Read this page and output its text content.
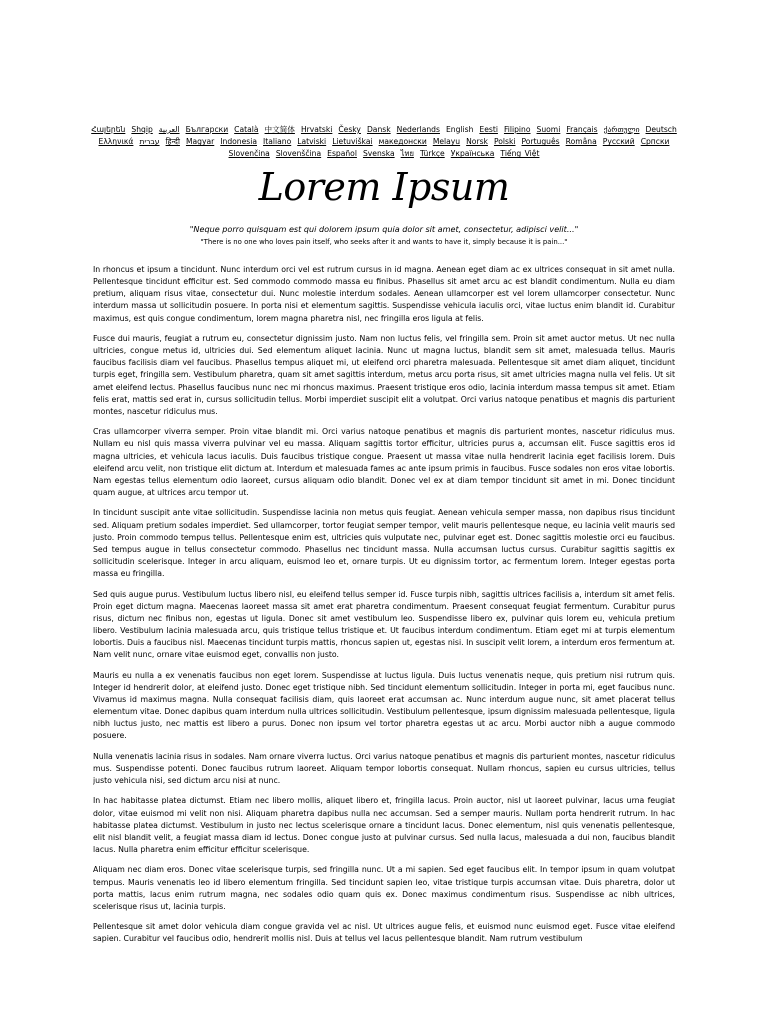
Հայերեն Shqip العربية Български Català 中文简体 Hrvatski Česky Dansk Nederlands English Eesti Filipino Suomi Français ქართული Deutsch Ελληνικά עברית हिन्दी Magyar Indonesia Italiano Latviski Lietuviškai македонски Melayu Norsk Polski Português Româna Pyccкий Српски Slovenčina Slovenščina Español Svenska ไทย Türkçe Українська Tiếng Việt
Lorem Ipsum

"Neque porro quisquam est qui dolorem ipsum quia dolor sit amet, consectetur, adipisci velit..."

"There is no one who loves pain itself, who seeks after it and wants to have it, simply because it is pain..."

In rhoncus et ipsum a tincidunt. Nunc interdum orci vel est rutrum cursus in id magna. Aenean eget diam ac ex ultrices consequat in sit amet nulla. Pellentesque tincidunt efficitur est. Sed commodo commodo massa eu finibus. Phasellus sit amet arcu ac est blandit condimentum. Nulla eu diam pretium, aliquam risus vitae, consectetur dui. Nunc molestie interdum sodales. Aenean ullamcorper est vel lorem ullamcorper consectetur. Nunc interdum massa ut sollicitudin posuere. In porta nisi et elementum sagittis. Suspendisse vehicula iaculis orci, vitae luctus enim blandit id. Curabitur maximus, est quis congue condimentum, lorem magna pharetra nisl, nec fringilla eros ligula at felis.

Fusce dui mauris, feugiat a rutrum eu, consectetur dignissim justo. Nam non luctus felis, vel fringilla sem. Proin sit amet auctor metus. Ut nec nulla ultricies, congue metus id, ultricies dui. Sed elementum aliquet lacinia. Nunc ut magna luctus, blandit sem sit amet, malesuada tellus. Mauris faucibus facilisis diam vel faucibus. Phasellus tempus aliquet mi, ut eleifend orci pharetra malesuada. Pellentesque sit amet diam aliquet, tincidunt turpis eget, fringilla sem. Vestibulum pharetra, quam sit amet sagittis interdum, metus arcu porta risus, sit amet ultricies magna nulla vel felis. Ut sit amet eleifend lectus. Phasellus faucibus nunc nec mi rhoncus maximus. Praesent tristique eros odio, lacinia interdum massa tempus sit amet. Etiam felis erat, mattis sed erat in, cursus sollicitudin tellus. Morbi imperdiet suscipit elit a volutpat. Orci varius natoque penatibus et magnis dis parturient montes, nascetur ridiculus mus.

Cras ullamcorper viverra semper. Proin vitae blandit mi. Orci varius natoque penatibus et magnis dis parturient montes, nascetur ridiculus mus. Nullam eu nisl quis massa viverra pulvinar vel eu massa. Aliquam sagittis tortor efficitur, ultricies purus a, accumsan elit. Fusce sagittis eros id magna ultricies, et vehicula lacus iaculis. Duis faucibus tristique congue. Praesent ut massa vitae nulla hendrerit lacinia eget facilisis lorem. Duis eleifend arcu velit, non tristique elit dictum at. Interdum et malesuada fames ac ante ipsum primis in faucibus. Fusce sodales non eros vitae lobortis. Nam egestas tellus elementum odio laoreet, cursus aliquam odio blandit. Donec vel ex at diam tempor tincidunt sit amet in mi. Donec tincidunt quam augue, at ultrices arcu tempor ut.

In tincidunt suscipit ante vitae sollicitudin. Suspendisse lacinia non metus quis feugiat. Aenean vehicula semper massa, non dapibus risus tincidunt sed. Aliquam pretium sodales imperdiet. Sed ullamcorper, tortor feugiat semper tempor, velit mauris pellentesque neque, eu lacinia velit mauris sed justo. Proin commodo tempus tellus. Pellentesque enim est, ultricies quis vulputate nec, pulvinar eget est. Donec sagittis molestie orci eu faucibus. Sed tempus augue in tellus consectetur commodo. Phasellus nec tincidunt massa. Nulla accumsan luctus cursus. Curabitur sagittis sagittis ex sollicitudin scelerisque. Integer in arcu aliquam, euismod leo et, ornare turpis. Ut eu dignissim tortor, ac fermentum lorem. Integer egestas porta massa eu fringilla.

Sed quis augue purus. Vestibulum luctus libero nisl, eu eleifend tellus semper id. Fusce turpis nibh, sagittis ultrices facilisis a, interdum sit amet felis. Proin eget dictum magna. Maecenas laoreet massa sit amet erat pharetra condimentum. Praesent consequat feugiat fermentum. Curabitur purus risus, dictum nec finibus non, egestas ut ligula. Donec sit amet vestibulum leo. Suspendisse libero ex, pulvinar quis lorem eu, vehicula pretium libero. Vestibulum lacinia malesuada arcu, quis tristique tellus tristique et. Ut faucibus interdum condimentum. Etiam eget mi at turpis elementum lobortis. Duis a faucibus nisl. Maecenas tincidunt turpis mattis, rhoncus sapien ut, egestas nisi. In suscipit velit lorem, a interdum eros fermentum at. Nam velit nunc, ornare vitae euismod eget, convallis non justo.

Mauris eu nulla a ex venenatis faucibus non eget lorem. Suspendisse at luctus ligula. Duis luctus venenatis neque, quis pretium nisi rutrum quis. Integer id hendrerit dolor, at eleifend justo. Donec eget tristique nibh. Sed tincidunt elementum sollicitudin. Integer in porta mi, eget faucibus nunc. Vivamus id maximus magna. Nulla consequat facilisis diam, quis laoreet erat accumsan ac. Nunc interdum augue nunc, sit amet placerat tellus elementum vitae. Donec dapibus quam interdum nulla ultrices sollicitudin. Vestibulum pellentesque, ipsum dignissim malesuada pellentesque, ligula nibh luctus justo, nec mattis est libero a purus. Donec non ipsum vel tortor pharetra egestas ut ac arcu. Morbi auctor nibh a augue commodo posuere.

Nulla venenatis lacinia risus in sodales. Nam ornare viverra luctus. Orci varius natoque penatibus et magnis dis parturient montes, nascetur ridiculus mus. Suspendisse potenti. Donec faucibus rutrum laoreet. Aliquam tempor lobortis consequat. Nullam rhoncus, sapien eu cursus ultricies, tellus justo vehicula nisi, sed dictum arcu nisi at nunc.

In hac habitasse platea dictumst. Etiam nec libero mollis, aliquet libero et, fringilla lacus. Proin auctor, nisl ut laoreet pulvinar, lacus urna feugiat dolor, vitae euismod mi velit non nisi. Aliquam pharetra dapibus nulla nec accumsan. Sed a semper mauris. Nullam porta hendrerit rutrum. In hac habitasse platea dictumst. Vestibulum in justo nec lectus scelerisque ornare a tincidunt lacus. Donec elementum, nisl quis venenatis pellentesque, elit nisl blandit velit, a feugiat massa diam id lectus. Donec congue justo at pulvinar cursus. Sed nulla lacus, malesuada a dui non, faucibus blandit lacus. Nulla pharetra enim efficitur efficitur scelerisque.

Aliquam nec diam eros. Donec vitae scelerisque turpis, sed fringilla nunc. Ut a mi sapien. Sed eget faucibus elit. In tempor ipsum in quam volutpat tempus. Mauris venenatis leo id libero elementum fringilla. Sed tincidunt sapien leo, vitae tristique turpis accumsan vitae. Duis pharetra, dolor ut porta mattis, lacus enim rutrum magna, nec sodales odio quam quis ex. Donec maximus condimentum risus. Suspendisse ac nibh ultrices, scelerisque risus ut, lacinia turpis.

Pellentesque sit amet dolor vehicula diam congue gravida vel ac nisl. Ut ultrices augue felis, et euismod nunc euismod eget. Fusce vitae eleifend sapien. Curabitur vel faucibus odio, hendrerit mollis nisl. Duis at tellus vel lacus pellentesque blandit. Nam rutrum vestibulum
